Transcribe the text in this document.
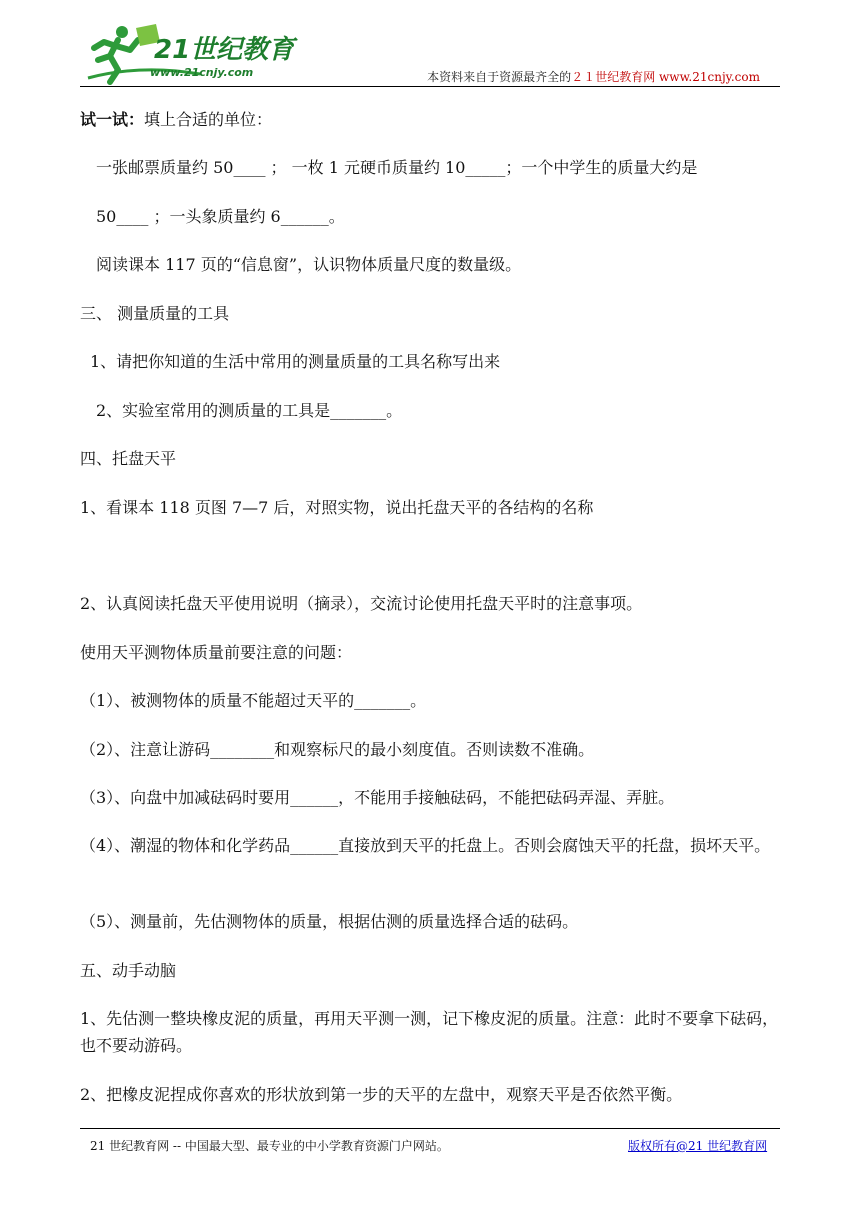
21世纪教育
www.21cnjy.com	本资料来自于资源最齐全的２１世纪教育网 www.21cnjy.com
试一试：填上合适的单位：
一张邮票质量约 50____ ； 一枚 1 元硬币质量约 10_____；一个中学生的质量大约是
50____ ；一头象质量约 6______。
阅读课本 117 页的“信息窗”，认识物体质量尺度的数量级。
三、 测量质量的工具
1、请把你知道的生活中常用的测量质量的工具名称写出来
2、实验室常用的测质量的工具是_______。
四、托盘天平
1、看课本 118 页图 7—7 后，对照实物，说出托盘天平的各结构的名称
2、认真阅读托盘天平使用说明（摘录），交流讨论使用托盘天平时的注意事项。
使用天平测物体质量前要注意的问题：
（1）、被测物体的质量不能超过天平的_______。
（2）、注意让游码________和观察标尺的最小刻度值。否则读数不准确。
（3）、向盘中加减砝码时要用______，不能用手接触砝码，不能把砝码弄湿、弄脏。
（4）、潮湿的物体和化学药品______直接放到天平的托盘上。否则会腐蚀天平的托盘，损坏天平。
（5）、测量前，先估测物体的质量，根据估测的质量选择合适的砝码。
五、动手动脑
1、先估测一整块橡皮泥的质量，再用天平测一测，记下橡皮泥的质量。注意：此时不要拿下砝码，也不要动游码。
2、把橡皮泥捏成你喜欢的形状放到第一步的天平的左盘中，观察天平是否依然平衡。
21 世纪教育网 -- 中国最大型、最专业的中小学教育资源门户网站。	版权所有@21 世纪教育网
